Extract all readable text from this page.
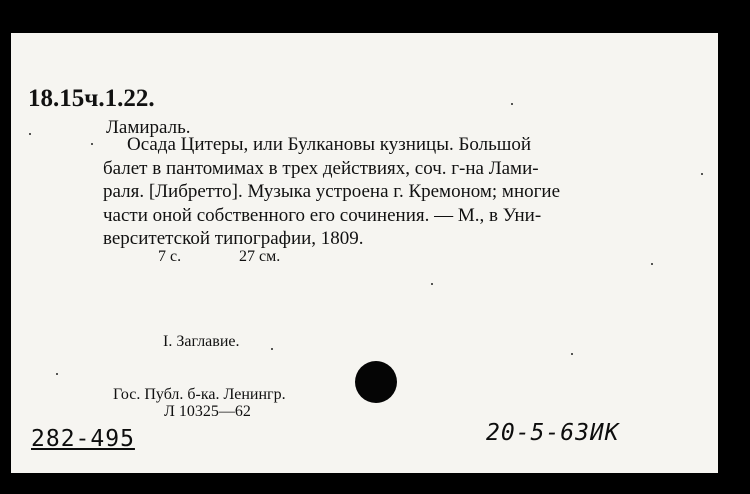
18.15ч.1.22.
Ламираль.
Осада Цитеры, или Булкановы кузницы. Большой
балет в пантомимах в трех действиях, соч. г-на Лами-
раля. [Либретто]. Музыка устроена г. Кремоном; многие
части оной собственного его сочинения. — М., в Уни-
верситетской типографии, 1809.
7 с.	27 см.
I. Заглавие.
Гос. Публ. б-ка. Ленингр.
Л 10325—62
282-495	20-5-63ИК
